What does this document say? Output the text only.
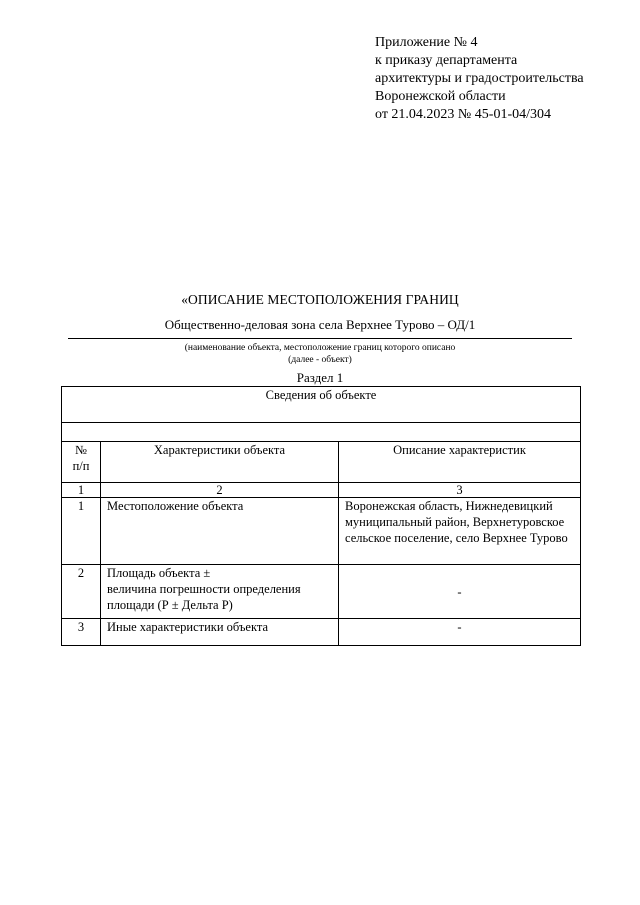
Приложение № 4
к приказу департамента
архитектуры и градостроительства
Воронежской области
от 21.04.2023 № 45-01-04/304
«ОПИСАНИЕ МЕСТОПОЛОЖЕНИЯ ГРАНИЦ
Общественно-деловая зона села Верхнее Турово – ОД/1
(наименование объекта, местоположение границ которого описано
(далее - объект)
Раздел 1
Сведения об объекте		

№
п/п	Характеристики объекта	Описание характеристик
1	2	3
1	Местоположение объекта	Воронежская область, Нижнедевицкий муниципальный район, Верхнетуровское сельское поселение, село Верхнее Турово
2	Площадь объекта ±
величина погрешности определения площади (Р ± Дельта Р)	-
3	Иные характеристики объекта	-
